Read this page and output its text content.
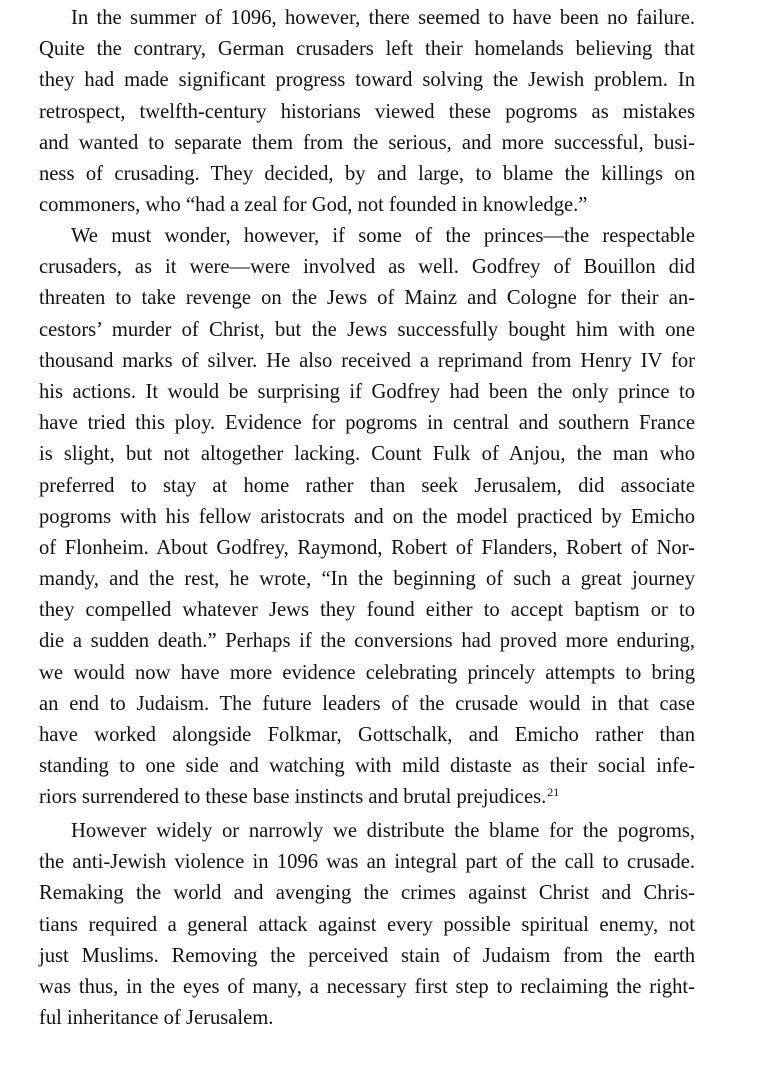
In the summer of 1096, however, there seemed to have been no failure.
Quite the contrary, German crusaders left their homelands believing that
they had made significant progress toward solving the Jewish problem. In
retrospect, twelfth-century historians viewed these pogroms as mistakes
and wanted to separate them from the serious, and more successful, busi-
ness of crusading. They decided, by and large, to blame the killings on
commoners, who “had a zeal for God, not founded in knowledge.”
We must wonder, however, if some of the princes—the respectable
crusaders, as it were—were involved as well. Godfrey of Bouillon did
threaten to take revenge on the Jews of Mainz and Cologne for their an-
cestors’ murder of Christ, but the Jews successfully bought him with one
thousand marks of silver. He also received a reprimand from Henry IV for
his actions. It would be surprising if Godfrey had been the only prince to
have tried this ploy. Evidence for pogroms in central and southern France
is slight, but not altogether lacking. Count Fulk of Anjou, the man who
preferred to stay at home rather than seek Jerusalem, did associate
pogroms with his fellow aristocrats and on the model practiced by Emicho
of Flonheim. About Godfrey, Raymond, Robert of Flanders, Robert of Nor-
mandy, and the rest, he wrote, “In the beginning of such a great journey
they compelled whatever Jews they found either to accept baptism or to
die a sudden death.” Perhaps if the conversions had proved more enduring,
we would now have more evidence celebrating princely attempts to bring
an end to Judaism. The future leaders of the crusade would in that case
have worked alongside Folkmar, Gottschalk, and Emicho rather than
standing to one side and watching with mild distaste as their social infe-
riors surrendered to these base instincts and brutal prejudices.$^{21}$
However widely or narrowly we distribute the blame for the pogroms,
the anti-Jewish violence in 1096 was an integral part of the call to crusade.
Remaking the world and avenging the crimes against Christ and Chris-
tians required a general attack against every possible spiritual enemy, not
just Muslims. Removing the perceived stain of Judaism from the earth
was thus, in the eyes of many, a necessary first step to reclaiming the right-
ful inheritance of Jerusalem.
